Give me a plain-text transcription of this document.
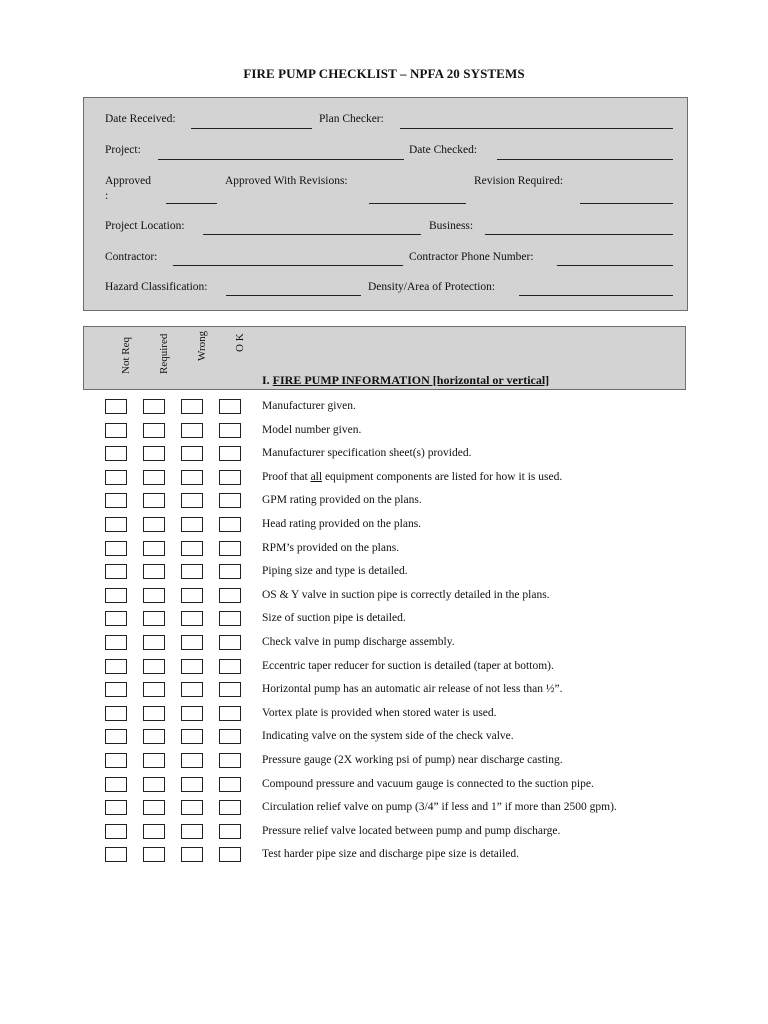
FIRE PUMP CHECKLIST – NPFA 20 SYSTEMS
Date Received:	Plan Checker:
Project:	Date Checked:
Approved
:
Approved With Revisions:	Revision Required:
Project Location:	Business:
Contractor:	Contractor Phone Number:
Hazard Classification:	Density/Area of Protection:
Not Req Required Wrong O K
I. FIRE PUMP INFORMATION [horizontal or vertical]
Manufacturer given.
Model number given.
Manufacturer specification sheet(s) provided.
Proof that all equipment components are listed for how it is used.
GPM rating provided on the plans.
Head rating provided on the plans.
RPM’s provided on the plans.
Piping size and type is detailed.
OS & Y valve in suction pipe is correctly detailed in the plans.
Size of suction pipe is detailed.
Check valve in pump discharge assembly.
Eccentric taper reducer for suction is detailed (taper at bottom).
Horizontal pump has an automatic air release of not less than ½”.
Vortex plate is provided when stored water is used.
Indicating valve on the system side of the check valve.
Pressure gauge (2X working psi of pump) near discharge casting.
Compound pressure and vacuum gauge is connected to the suction pipe.
Circulation relief valve on pump (3/4” if less and 1” if more than 2500 gpm).
Pressure relief valve located between pump and pump discharge.
Test harder pipe size and discharge pipe size is detailed.
